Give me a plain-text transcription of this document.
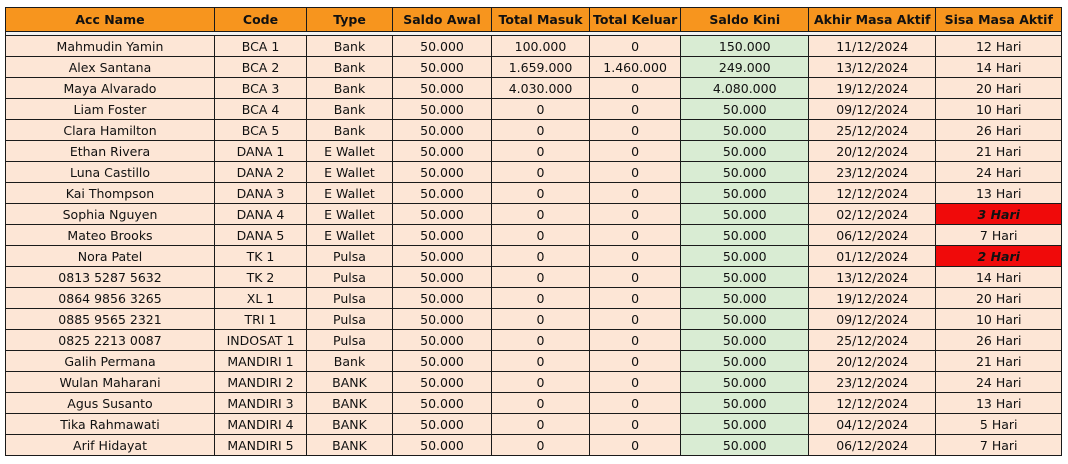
Acc Name	Code	Type	Saldo Awal	Total Masuk	Total Keluar	Saldo Kini	Akhir Masa Aktif	Sisa Masa Aktif

Mahmudin Yamin	BCA 1	Bank	50.000	100.000	0	150.000	11/12/2024	12 Hari
Alex Santana	BCA 2	Bank	50.000	1.659.000	1.460.000	249.000	13/12/2024	14 Hari
Maya Alvarado	BCA 3	Bank	50.000	4.030.000	0	4.080.000	19/12/2024	20 Hari
Liam Foster	BCA 4	Bank	50.000	0	0	50.000	09/12/2024	10 Hari
Clara Hamilton	BCA 5	Bank	50.000	0	0	50.000	25/12/2024	26 Hari
Ethan Rivera	DANA 1	E Wallet	50.000	0	0	50.000	20/12/2024	21 Hari
Luna Castillo	DANA 2	E Wallet	50.000	0	0	50.000	23/12/2024	24 Hari
Kai Thompson	DANA 3	E Wallet	50.000	0	0	50.000	12/12/2024	13 Hari
Sophia Nguyen	DANA 4	E Wallet	50.000	0	0	50.000	02/12/2024	3 Hari
Mateo Brooks	DANA 5	E Wallet	50.000	0	0	50.000	06/12/2024	7 Hari
Nora Patel	TK 1	Pulsa	50.000	0	0	50.000	01/12/2024	2 Hari
0813 5287 5632	TK 2	Pulsa	50.000	0	0	50.000	13/12/2024	14 Hari
0864 9856 3265	XL 1	Pulsa	50.000	0	0	50.000	19/12/2024	20 Hari
0885 9565 2321	TRI 1	Pulsa	50.000	0	0	50.000	09/12/2024	10 Hari
0825 2213 0087	INDOSAT 1	Pulsa	50.000	0	0	50.000	25/12/2024	26 Hari
Galih Permana	MANDIRI 1	Bank	50.000	0	0	50.000	20/12/2024	21 Hari
Wulan Maharani	MANDIRI 2	BANK	50.000	0	0	50.000	23/12/2024	24 Hari
Agus Susanto	MANDIRI 3	BANK	50.000	0	0	50.000	12/12/2024	13 Hari
Tika Rahmawati	MANDIRI 4	BANK	50.000	0	0	50.000	04/12/2024	5 Hari
Arif Hidayat	MANDIRI 5	BANK	50.000	0	0	50.000	06/12/2024	7 Hari
